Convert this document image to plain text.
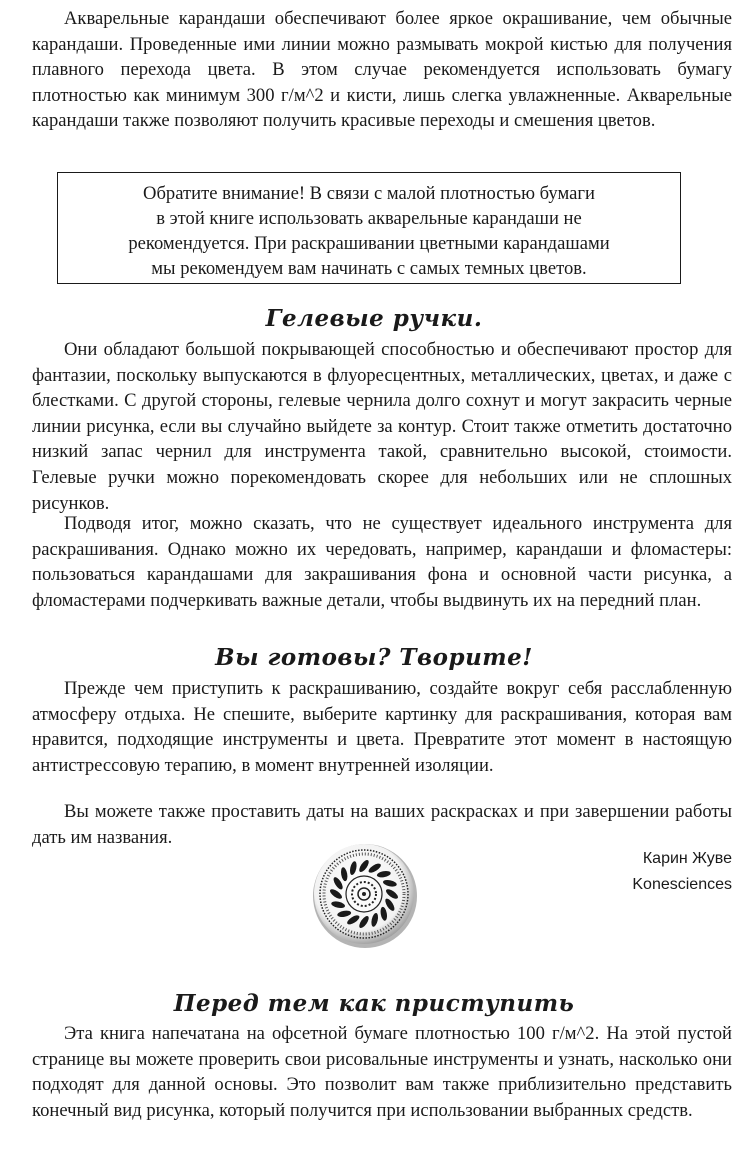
Акварельные карандаши обеспечивают более яркое окрашивание, чем обычные карандаши. Проведенные ими линии можно размывать мокрой кистью для получения плавного перехода цвета. В этом случае рекомендуется использовать бумагу плотностью как минимум 300 г/м^2 и кисти, лишь слегка увлажненные. Акварельные карандаши также позволяют получить красивые переходы и смешения цветов.

Обратите внимание! В связи с малой плотностью бумаги
в этой книге использовать акварельные карандаши не
рекомендуется. При раскрашивании цветными карандашами
мы рекомендуем вам начинать с самых темных цветов.

Гелевые ручки.

Они обладают большой покрывающей способностью и обеспечивают простор для фантазии, поскольку выпускаются в флуоресцентных, металлических, цветах, и даже с блестками. С другой стороны, гелевые чернила долго сохнут и могут закрасить черные линии рисунка, если вы случайно выйдете за контур. Стоит также отметить достаточно низкий запас чернил для инструмента такой, сравнительно высокой, стоимости. Гелевые ручки можно порекомендовать скорее для небольших или не сплошных рисунков.

Подводя итог, можно сказать, что не существует идеального инструмента для раскрашивания. Однако можно их чередовать, например, карандаши и фломастеры: пользоваться карандашами для закрашивания фона и основной части рисунка, а фломастерами подчеркивать важные детали, чтобы выдвинуть их на передний план.

Вы готовы? Творите!

Прежде чем приступить к раскрашиванию, создайте вокруг себя расслабленную атмосферу отдыха. Не спешите, выберите картинку для раскрашивания, которая вам нравится, подходящие инструменты и цвета. Превратите этот момент в настоящую антистрессовую терапию, в момент внутренней изоляции.

Вы можете также проставить даты на ваших раскрасках и при завершении работы дать им названия.

Карин Жуве

Konesciences

Перед тем как приступить

Эта книга напечатана на офсетной бумаге плотностью 100 г/м^2. На этой пустой странице вы можете проверить свои рисовальные инструменты и узнать, насколько они подходят для данной основы. Это позволит вам также приблизительно представить конечный вид рисунка, который получится при использовании выбранных средств.
